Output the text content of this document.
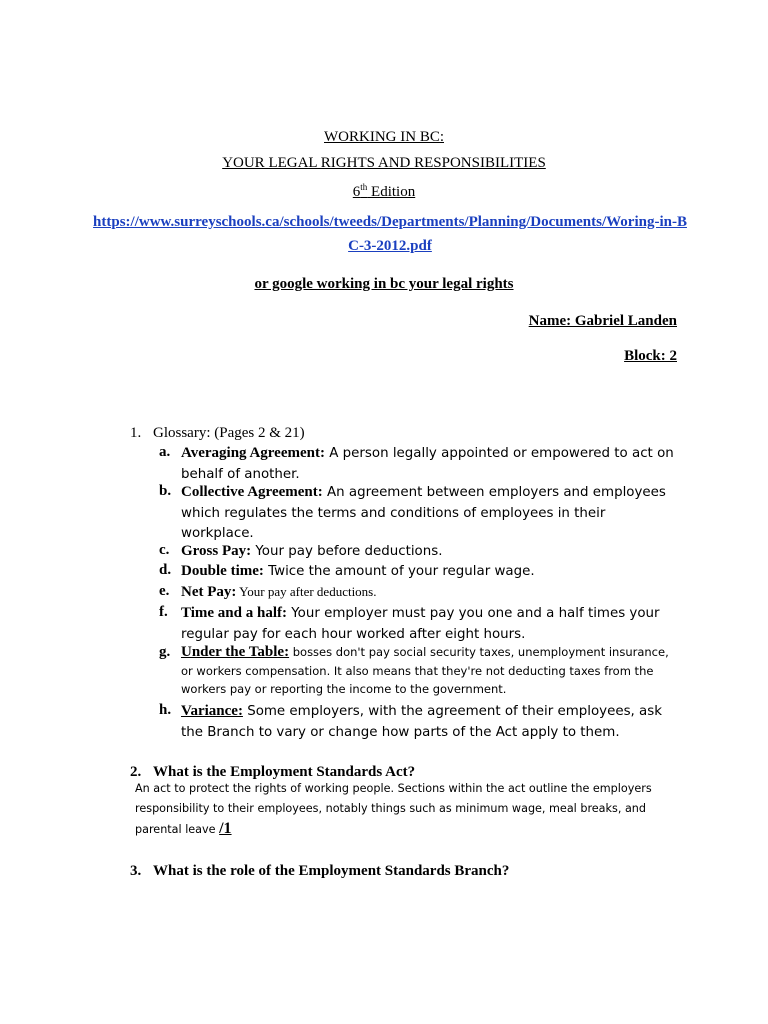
WORKING IN BC:
YOUR LEGAL RIGHTS AND RESPONSIBILITIES
6th Edition
https://www.surreyschools.ca/schools/tweeds/Departments/Planning/Documents/Woring-in-BC-3-2012.pdf
or google working in bc your legal rights
Name: Gabriel Landen
Block: 2
1. Glossary: (Pages 2 & 21)
a. Averaging Agreement: A person legally appointed or empowered to act on behalf of another.
b. Collective Agreement: An agreement between employers and employees which regulates the terms and conditions of employees in their workplace.
c. Gross Pay: Your pay before deductions.
d. Double time: Twice the amount of your regular wage.
e. Net Pay: Your pay after deductions.
f. Time and a half: Your employer must pay you one and a half times your regular pay for each hour worked after eight hours.
g. Under the Table: bosses don't pay social security taxes, unemployment insurance, or workers compensation. It also means that they're not deducting taxes from the workers pay or reporting the income to the government.
h. Variance: Some employers, with the agreement of their employees, ask the Branch to vary or change how parts of the Act apply to them.
2. What is the Employment Standards Act?
An act to protect the rights of working people. Sections within the act outline the employers responsibility to their employees, notably things such as minimum wage, meal breaks, and parental leave /1
3. What is the role of the Employment Standards Branch?
